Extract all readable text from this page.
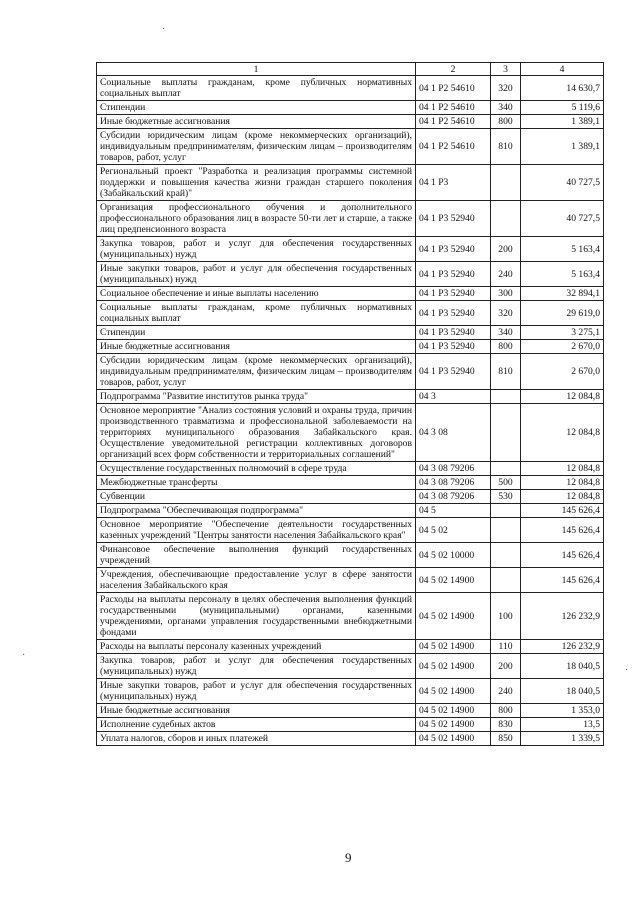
1	2	3	4
Социальные выплаты гражданам, кроме публичных нормативных социальных выплат	04 1 P2 54610	320	14 630,7
Стипендии	04 1 P2 54610	340	5 119,6
Иные бюджетные ассигнования	04 1 P2 54610	800	1 389,1
Субсидии юридическим лицам (кроме некоммерческих организаций), индивидуальным предпринимателям, физическим лицам – производителям товаров, работ, услуг	04 1 P2 54610	810	1 389,1
Региональный проект "Разработка и реализация программы системной поддержки и повышения качества жизни граждан старшего поколения (Забайкальский край)"	04 1 P3		40 727,5
Организация профессионального обучения и дополнительного профессионального образования лиц в возрасте 50-ти лет и старше, а также лиц предпенсионного возраста	04 1 P3 52940		40 727,5
Закупка товаров, работ и услуг для обеспечения государственных (муниципальных) нужд	04 1 P3 52940	200	5 163,4
Иные закупки товаров, работ и услуг для обеспечения государственных (муниципальных) нужд	04 1 P3 52940	240	5 163,4
Социальное обеспечение и иные выплаты населению	04 1 P3 52940	300	32 894,1
Социальные выплаты гражданам, кроме публичных нормативных социальных выплат	04 1 P3 52940	320	29 619,0
Стипендии	04 1 P3 52940	340	3 275,1
Иные бюджетные ассигнования	04 1 P3 52940	800	2 670,0
Субсидии юридическим лицам (кроме некоммерческих организаций), индивидуальным предпринимателям, физическим лицам – производителям товаров, работ, услуг	04 1 P3 52940	810	2 670,0
Подпрограмма "Развитие институтов рынка труда"	04 3		12 084,8
Основное мероприятие "Анализ состояния условий и охраны труда, причин производственного травматизма и профессиональной заболеваемости на территориях муниципального образования Забайкальского края. Осуществление уведомительной регистрации коллективных договоров организаций всех форм собственности и территориальных соглашений"	04 3 08		12 084,8
Осуществление государственных полномочий в сфере труда	04 3 08 79206		12 084,8
Межбюджетные трансферты	04 3 08 79206	500	12 084,8
Субвенции	04 3 08 79206	530	12 084,8
Подпрограмма "Обеспечивающая подпрограмма"	04 5		145 626,4
Основное мероприятие "Обеспечение деятельности государственных казенных учреждений "Центры занятости населения Забайкальского края"	04 5 02		145 626,4
Финансовое обеспечение выполнения функций государственных учреждений	04 5 02 10000		145 626,4
Учреждения, обеспечивающие предоставление услуг в сфере занятости населения Забайкальского края	04 5 02 14900		145 626,4
Расходы на выплаты персоналу в целях обеспечения выполнения функций государственными (муниципальными) органами, казенными учреждениями, органами управления государственными внебюджетными фондами	04 5 02 14900	100	126 232,9
Расходы на выплаты персоналу казенных учреждений	04 5 02 14900	110	126 232,9
Закупка товаров, работ и услуг для обеспечения государственных (муниципальных) нужд	04 5 02 14900	200	18 040,5
Иные закупки товаров, работ и услуг для обеспечения государственных (муниципальных) нужд	04 5 02 14900	240	18 040,5
Иные бюджетные ассигнования	04 5 02 14900	800	1 353,0
Исполнение судебных актов	04 5 02 14900	830	13,5
Уплата налогов, сборов и иных платежей	04 5 02 14900	850	1 339,5
9
·
·
·
